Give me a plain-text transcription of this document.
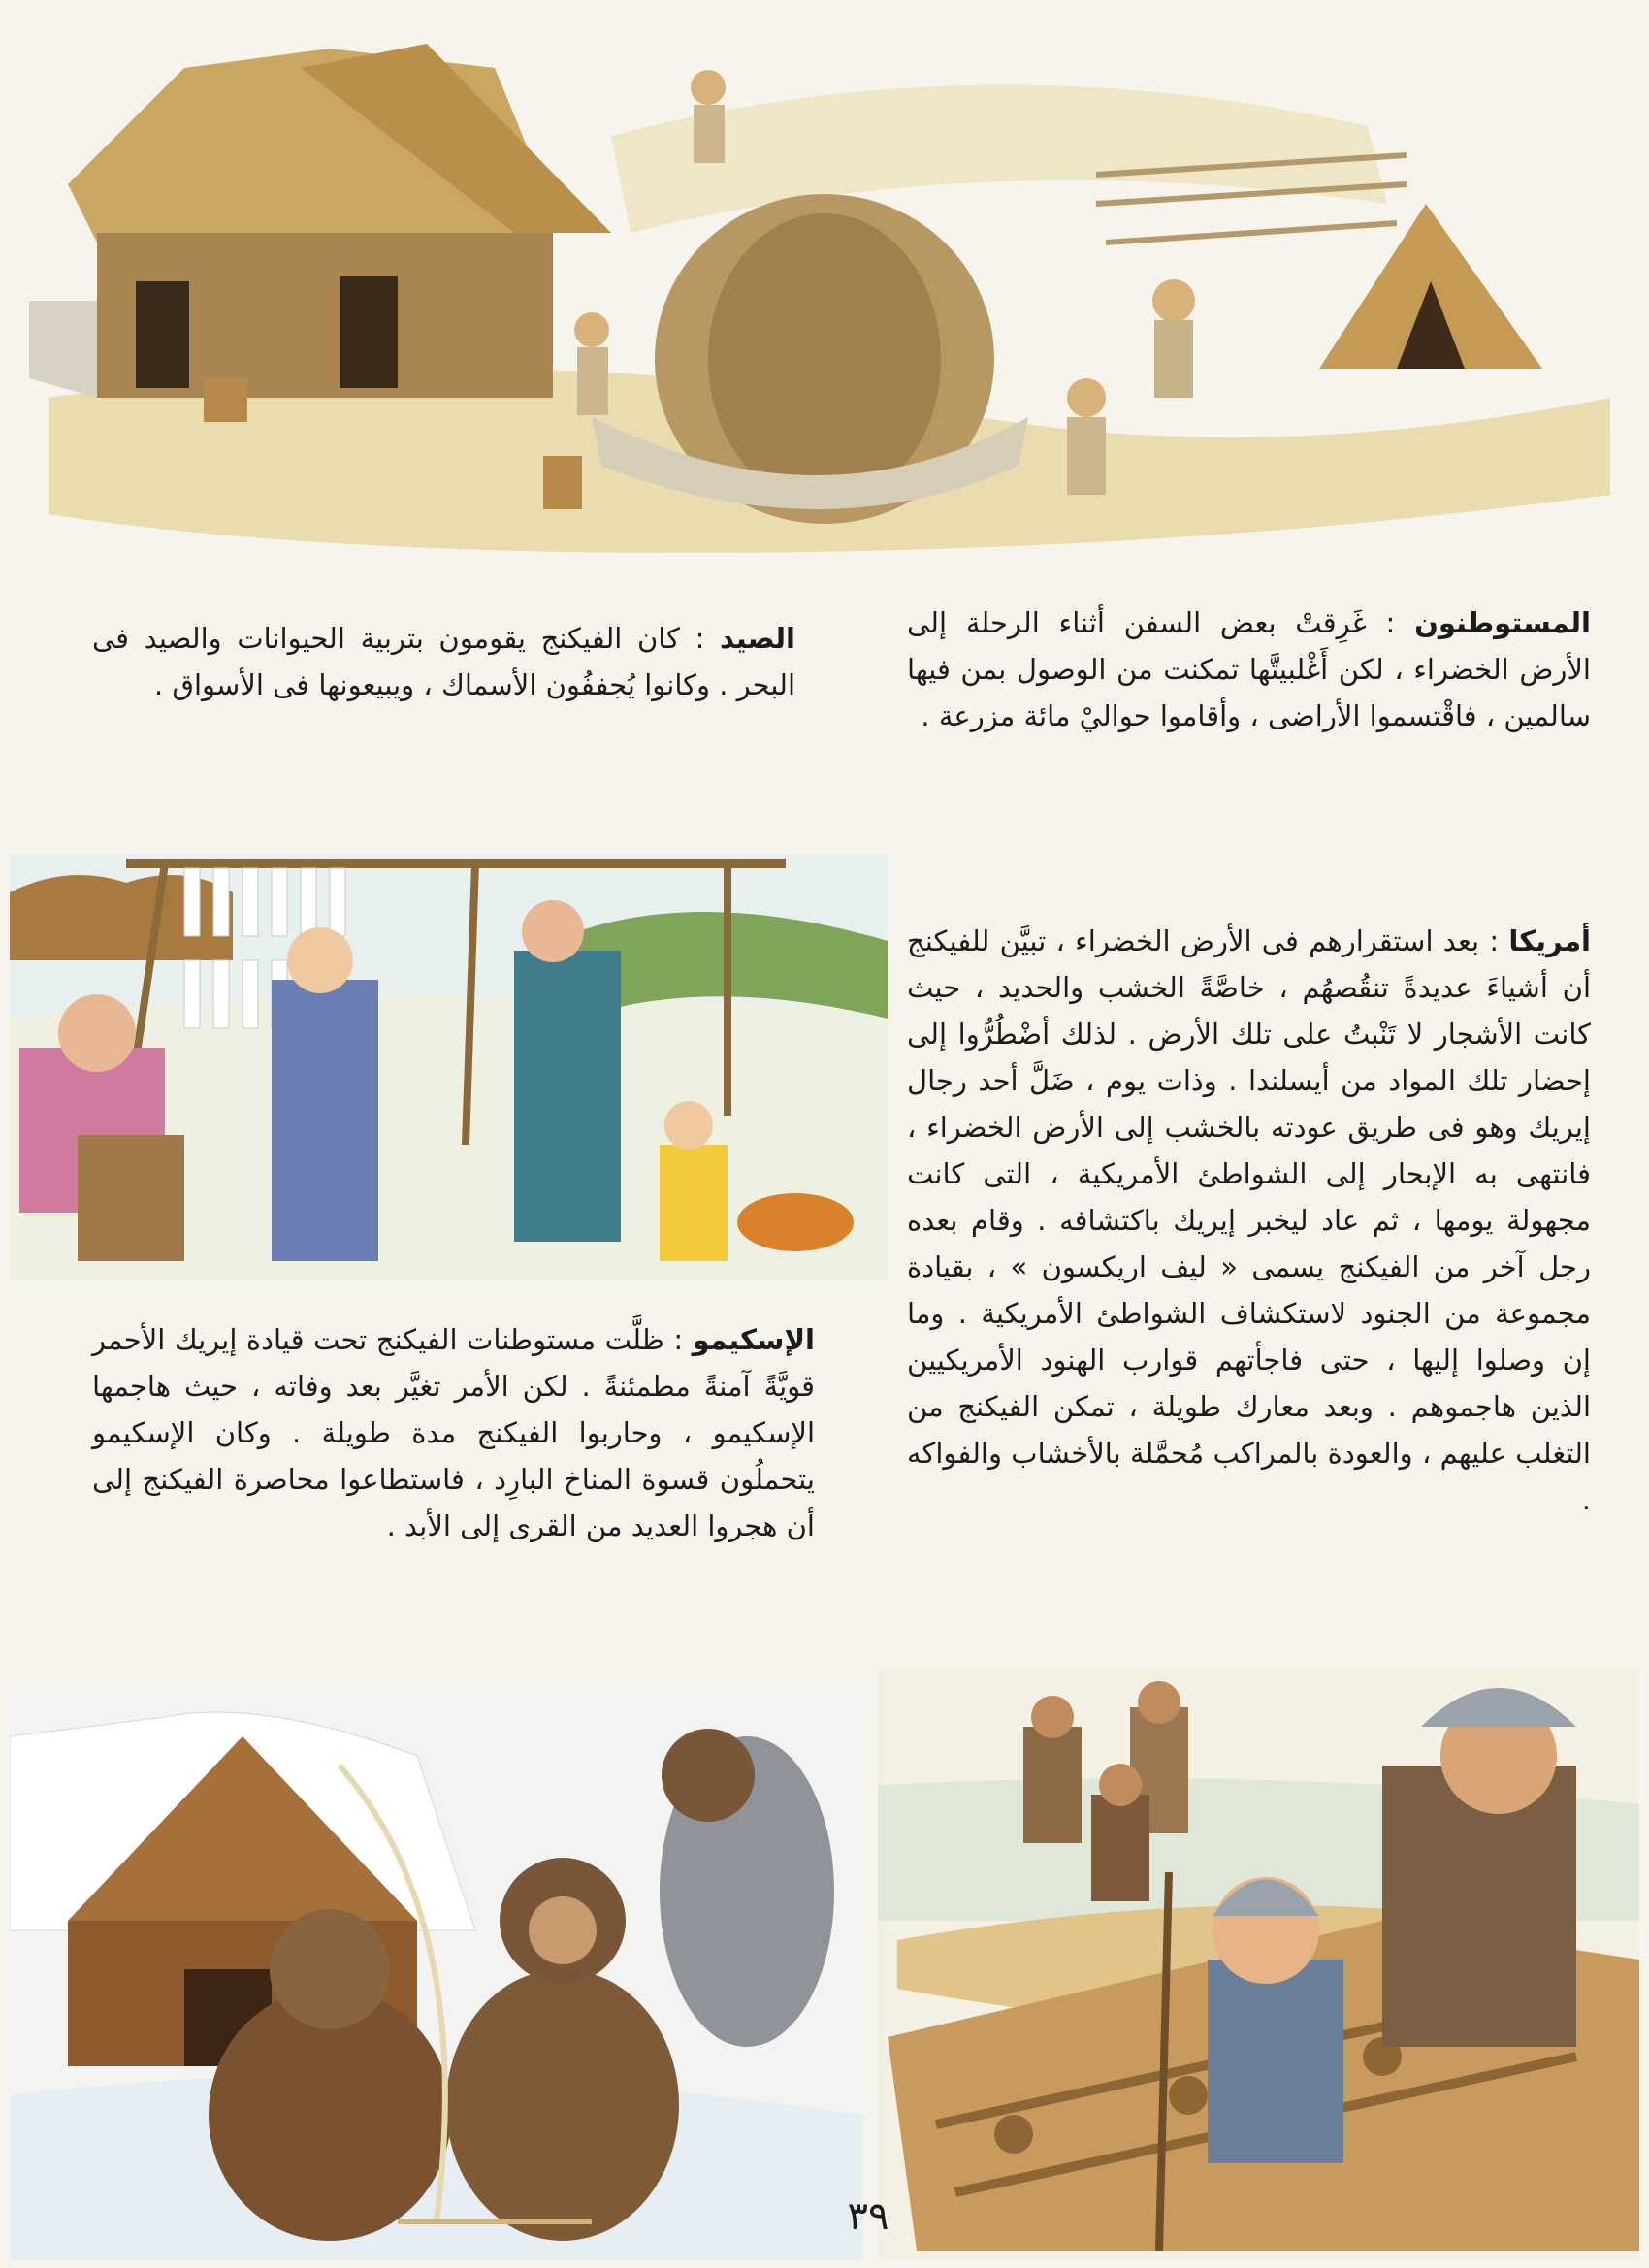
المستوطنون : غَرِقتْ بعض السفن أثناء الرحلة إلى الأرض الخضراء ، لكن أَغْلبيتَّها تمكنت من الوصول بمن فيها سالمين ، فاقْتسموا الأراضى ، وأقاموا حواليْ مائة مزرعة .
الصيد : كان الفيكنج يقومون بتربية الحيوانات والصيد فى البحر . وكانوا يُجففُون الأسماك ، ويبيعونها فى الأسواق .
أمريكا : بعد استقرارهم فى الأرض الخضراء ، تبيَّن للفيكنج أن أشياءَ عديدةً تنقُصهُم ، خاصَّةً الخشب والحديد ، حيث كانت الأشجار لا تَنْبتُ على تلك الأرض . لذلك أضْطُرُّوا إلى إحضار تلك المواد من أيسلندا . وذات يوم ، ضَلَّ أحد رجال إيريك وهو فى طريق عودته بالخشب إلى الأرض الخضراء ، فانتهى به الإبحار إلى الشواطئ الأمريكية ، التى كانت مجهولة يومها ، ثم عاد ليخبر إيريك باكتشافه . وقام بعده رجل آخر من الفيكنج يسمى « ليف اريكسون » ، بقيادة مجموعة من الجنود لاستكشاف الشواطئ الأمريكية . وما إن وصلوا إليها ، حتى فاجأتهم قوارب الهنود الأمريكيين الذين هاجموهم . وبعد معارك طويلة ، تمكن الفيكنج من التغلب عليهم ، والعودة بالمراكب مُحمَّلة بالأخشاب والفواكه .
الإسكيمو : ظلَّت مستوطنات الفيكنج تحت قيادة إيريك الأحمر قويَّةً آمنةً مطمئنةً . لكن الأمر تغيَّر بعد وفاته ، حيث هاجمها الإسكيمو ، وحاربوا الفيكنج مدة طويلة . وكان الإسكيمو يتحملُون قسوة المناخ البارِد ، فاستطاعوا محاصرة الفيكنج إلى أن هجروا العديد من القرى إلى الأبد .
٣٩
